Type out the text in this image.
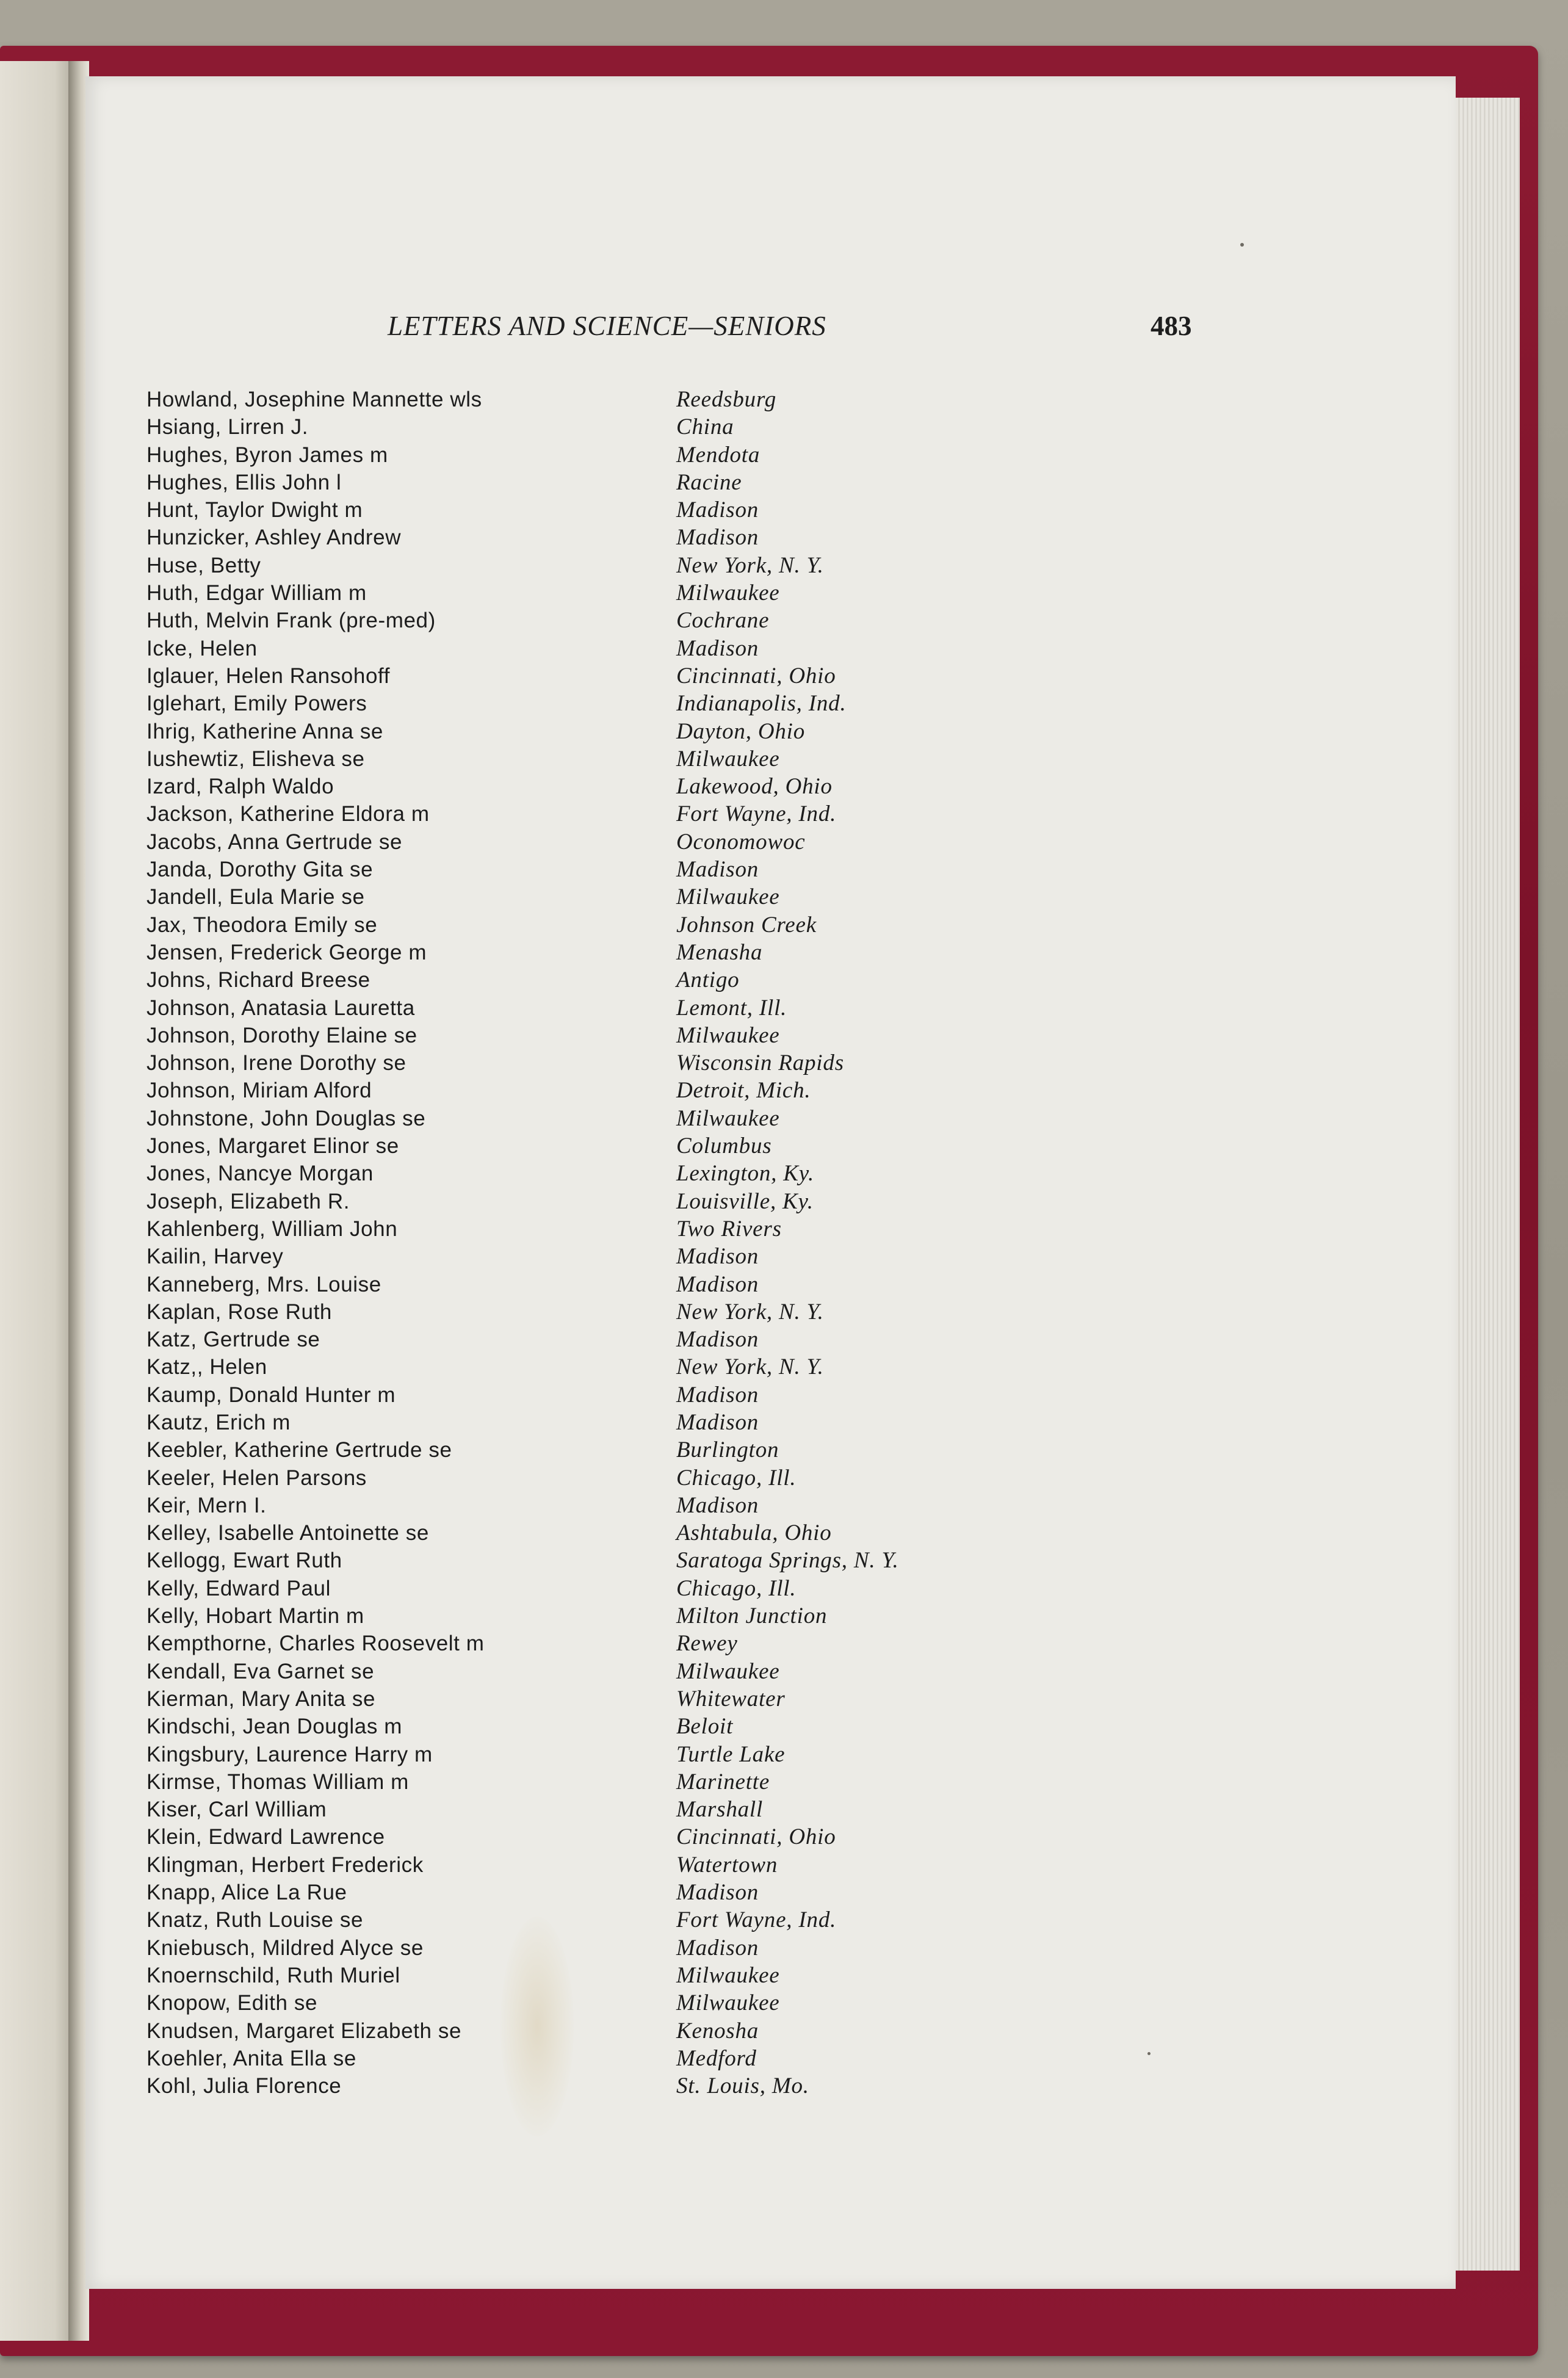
LETTERS AND SCIENCE—SENIORS	483
Howland, Josephine Mannette wls	Reedsburg
Hsiang, Lirren J.	China
Hughes, Byron James m	Mendota
Hughes, Ellis John l	Racine
Hunt, Taylor Dwight m	Madison
Hunzicker, Ashley Andrew	Madison
Huse, Betty	New York, N. Y.
Huth, Edgar William m	Milwaukee
Huth, Melvin Frank (pre-med)	Cochrane
Icke, Helen	Madison
Iglauer, Helen Ransohoff	Cincinnati, Ohio
Iglehart, Emily Powers	Indianapolis, Ind.
Ihrig, Katherine Anna se	Dayton, Ohio
Iushewtiz, Elisheva se	Milwaukee
Izard, Ralph Waldo	Lakewood, Ohio
Jackson, Katherine Eldora m	Fort Wayne, Ind.
Jacobs, Anna Gertrude se	Oconomowoc
Janda, Dorothy Gita se	Madison
Jandell, Eula Marie se	Milwaukee
Jax, Theodora Emily se	Johnson Creek
Jensen, Frederick George m	Menasha
Johns, Richard Breese	Antigo
Johnson, Anatasia Lauretta	Lemont, Ill.
Johnson, Dorothy Elaine se	Milwaukee
Johnson, Irene Dorothy se	Wisconsin Rapids
Johnson, Miriam Alford	Detroit, Mich.
Johnstone, John Douglas se	Milwaukee
Jones, Margaret Elinor se	Columbus
Jones, Nancye Morgan	Lexington, Ky.
Joseph, Elizabeth R.	Louisville, Ky.
Kahlenberg, William John	Two Rivers
Kailin, Harvey	Madison
Kanneberg, Mrs. Louise	Madison
Kaplan, Rose Ruth	New York, N. Y.
Katz, Gertrude se	Madison
Katz,, Helen	New York, N. Y.
Kaump, Donald Hunter m	Madison
Kautz, Erich m	Madison
Keebler, Katherine Gertrude se	Burlington
Keeler, Helen Parsons	Chicago, Ill.
Keir, Mern I.	Madison
Kelley, Isabelle Antoinette se	Ashtabula, Ohio
Kellogg, Ewart Ruth	Saratoga Springs, N. Y.
Kelly, Edward Paul	Chicago, Ill.
Kelly, Hobart Martin m	Milton Junction
Kempthorne, Charles Roosevelt m	Rewey
Kendall, Eva Garnet se	Milwaukee
Kierman, Mary Anita se	Whitewater
Kindschi, Jean Douglas m	Beloit
Kingsbury, Laurence Harry m	Turtle Lake
Kirmse, Thomas William m	Marinette
Kiser, Carl William	Marshall
Klein, Edward Lawrence	Cincinnati, Ohio
Klingman, Herbert Frederick	Watertown
Knapp, Alice La Rue	Madison
Knatz, Ruth Louise se	Fort Wayne, Ind.
Kniebusch, Mildred Alyce se	Madison
Knoernschild, Ruth Muriel	Milwaukee
Knopow, Edith se	Milwaukee
Knudsen, Margaret Elizabeth se	Kenosha
Koehler, Anita Ella se	Medford
Kohl, Julia Florence	St. Louis, Mo.
